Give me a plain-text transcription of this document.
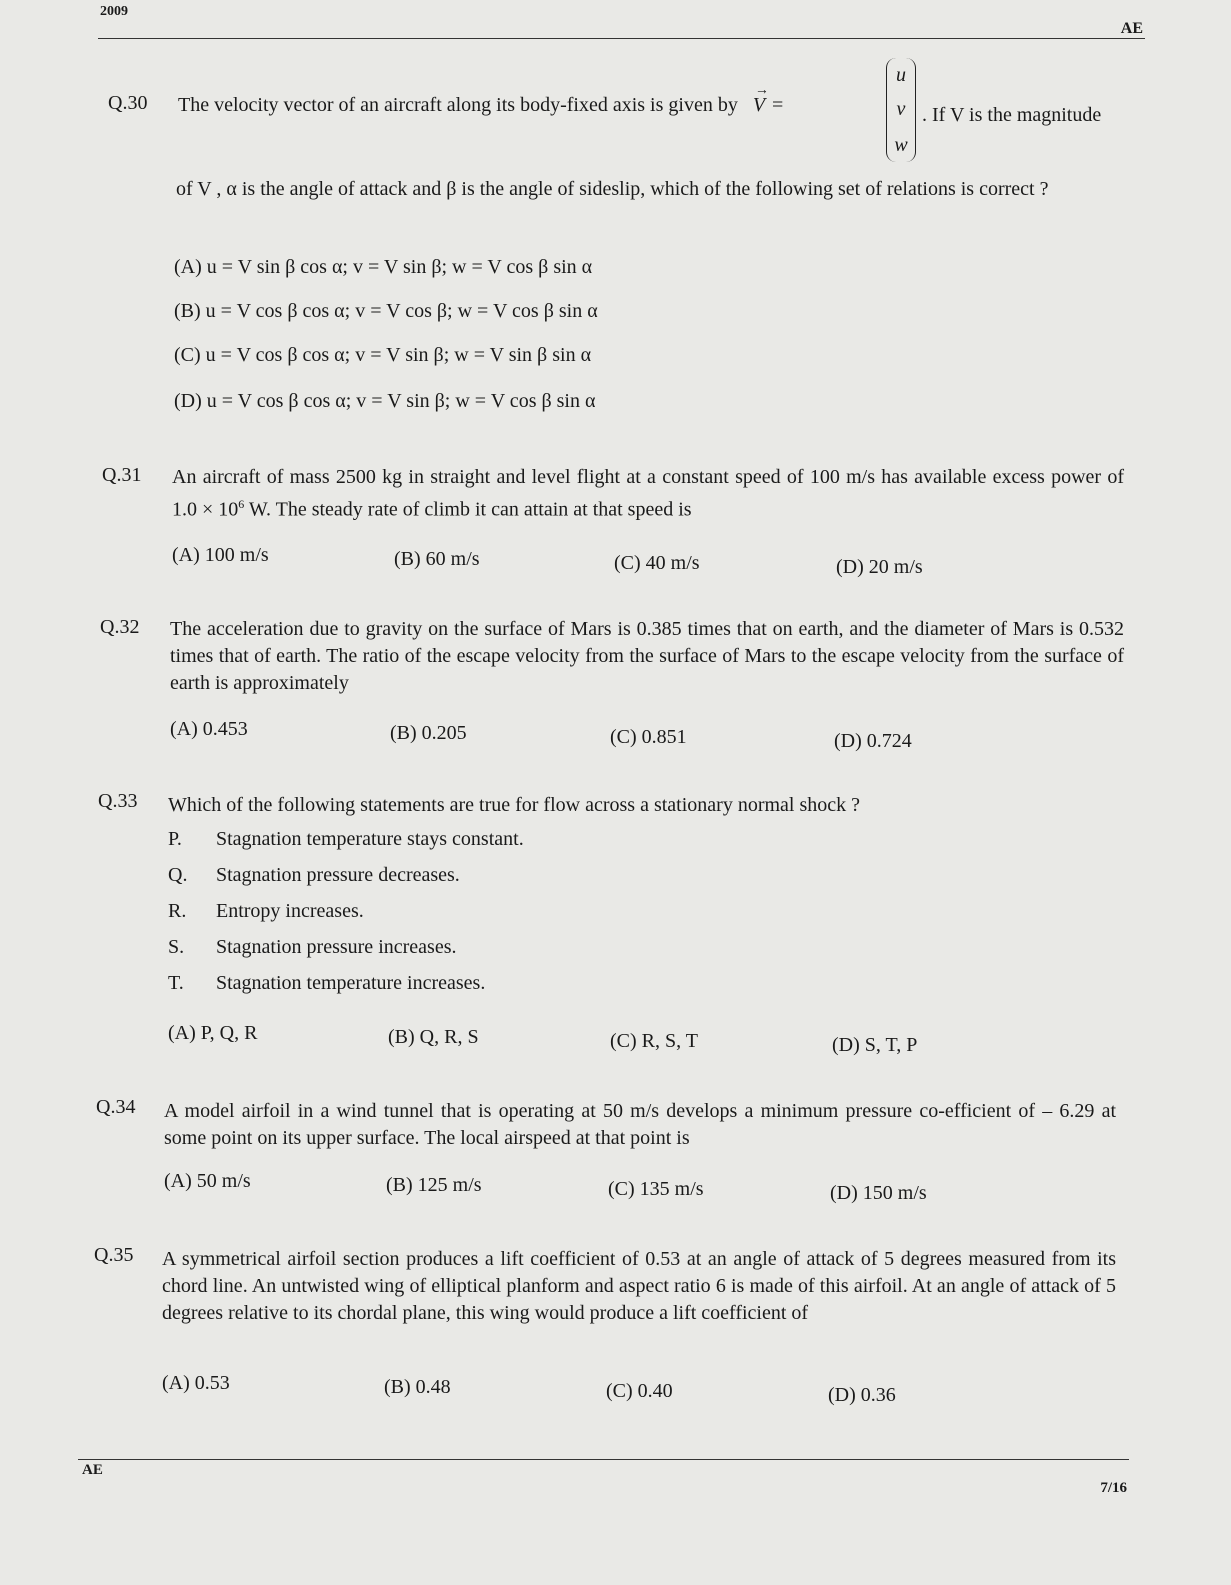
2009
AE
Q.30 The velocity vector of an aircraft along its body-fixed axis is given by → V =
u
v
w
. If V is the magnitude
of V , α is the angle of attack and β is the angle of sideslip, which of the following set of relations is correct ?
(A) u = V sin β cos α; v = V sin β; w = V cos β sin α
(B) u = V cos β cos α; v = V cos β; w = V cos β sin α
(C) u = V cos β cos α; v = V sin β; w = V sin β sin α
(D) u = V cos β cos α; v = V sin β; w = V cos β sin α
Q.31 An aircraft of mass 2500 kg in straight and level flight at a constant speed of 100 m/s has available excess power of $1.0 \times 10^6$ W. The steady rate of climb it can attain at that speed is
(A) 100 m/s	(B) 60 m/s	(C) 40 m/s	(D) 20 m/s
Q.32 The acceleration due to gravity on the surface of Mars is 0.385 times that on earth, and the diameter of Mars is 0.532 times that of earth. The ratio of the escape velocity from the surface of Mars to the escape velocity from the surface of earth is approximately
(A) 0.453	(B) 0.205	(C) 0.851	(D) 0.724
Q.33 Which of the following statements are true for flow across a stationary normal shock ?
P. Stagnation temperature stays constant.
Q. Stagnation pressure decreases.
R. Entropy increases.
S. Stagnation pressure increases.
T. Stagnation temperature increases.
(A) P, Q, R	(B) Q, R, S	(C) R, S, T	(D) S, T, P
Q.34 A model airfoil in a wind tunnel that is operating at 50 m/s develops a minimum pressure co-efficient of – 6.29 at some point on its upper surface. The local airspeed at that point is
(A) 50 m/s	(B) 125 m/s	(C) 135 m/s	(D) 150 m/s
Q.35 A symmetrical airfoil section produces a lift coefficient of 0.53 at an angle of attack of 5 degrees measured from its chord line. An untwisted wing of elliptical planform and aspect ratio 6 is made of this airfoil. At an angle of attack of 5 degrees relative to its chordal plane, this wing would produce a lift coefficient of
(A) 0.53	(B) 0.48	(C) 0.40	(D) 0.36
AE
7/16
